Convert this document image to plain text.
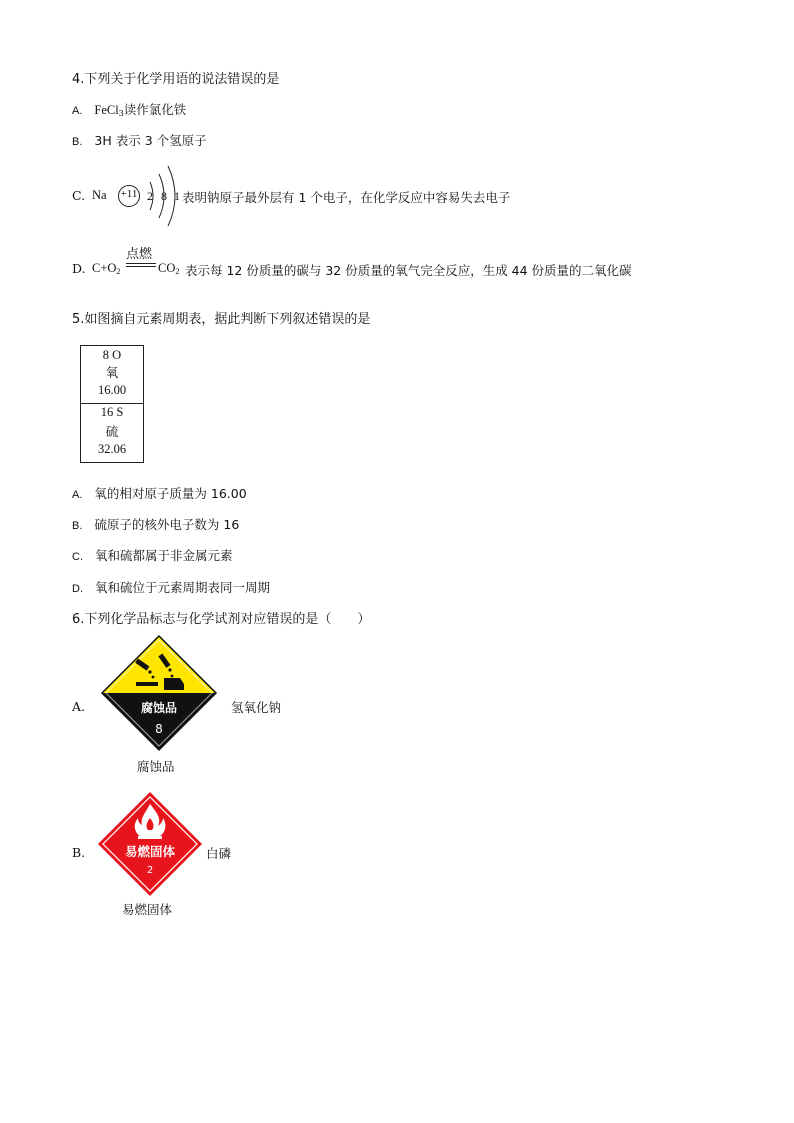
4.下列关于化学用语的说法错误的是
A. FeCl$_3$读作氯化铁
B. 3H 表示 3 个氢原子
C. Na	+11 2 8 1 表明钠原子最外层有 1 个电子，在化学反应中容易失去电子
D. $C+O_2$
点燃
$CO_2$ 表示每 12 份质量的碳与 32 份质量的氧气完全反应，生成 44 份质量的二氧化碳
5.如图摘自元素周期表，据此判断下列叙述错误的是
8 O
氧
16.00
16 S
硫
32.06
A. 氧的相对原子质量为 16.00
B. 硫原子的核外电子数为 16
C. 氧和硫都属于非金属元素
D. 氧和硫位于元素周期表同一周期
6.下列化学品标志与化学试剂对应错误的是（　　）
A.	腐蚀品
8
氢氧化钠
腐蚀品
B.	易燃固体
2
白磷
易燃固体
